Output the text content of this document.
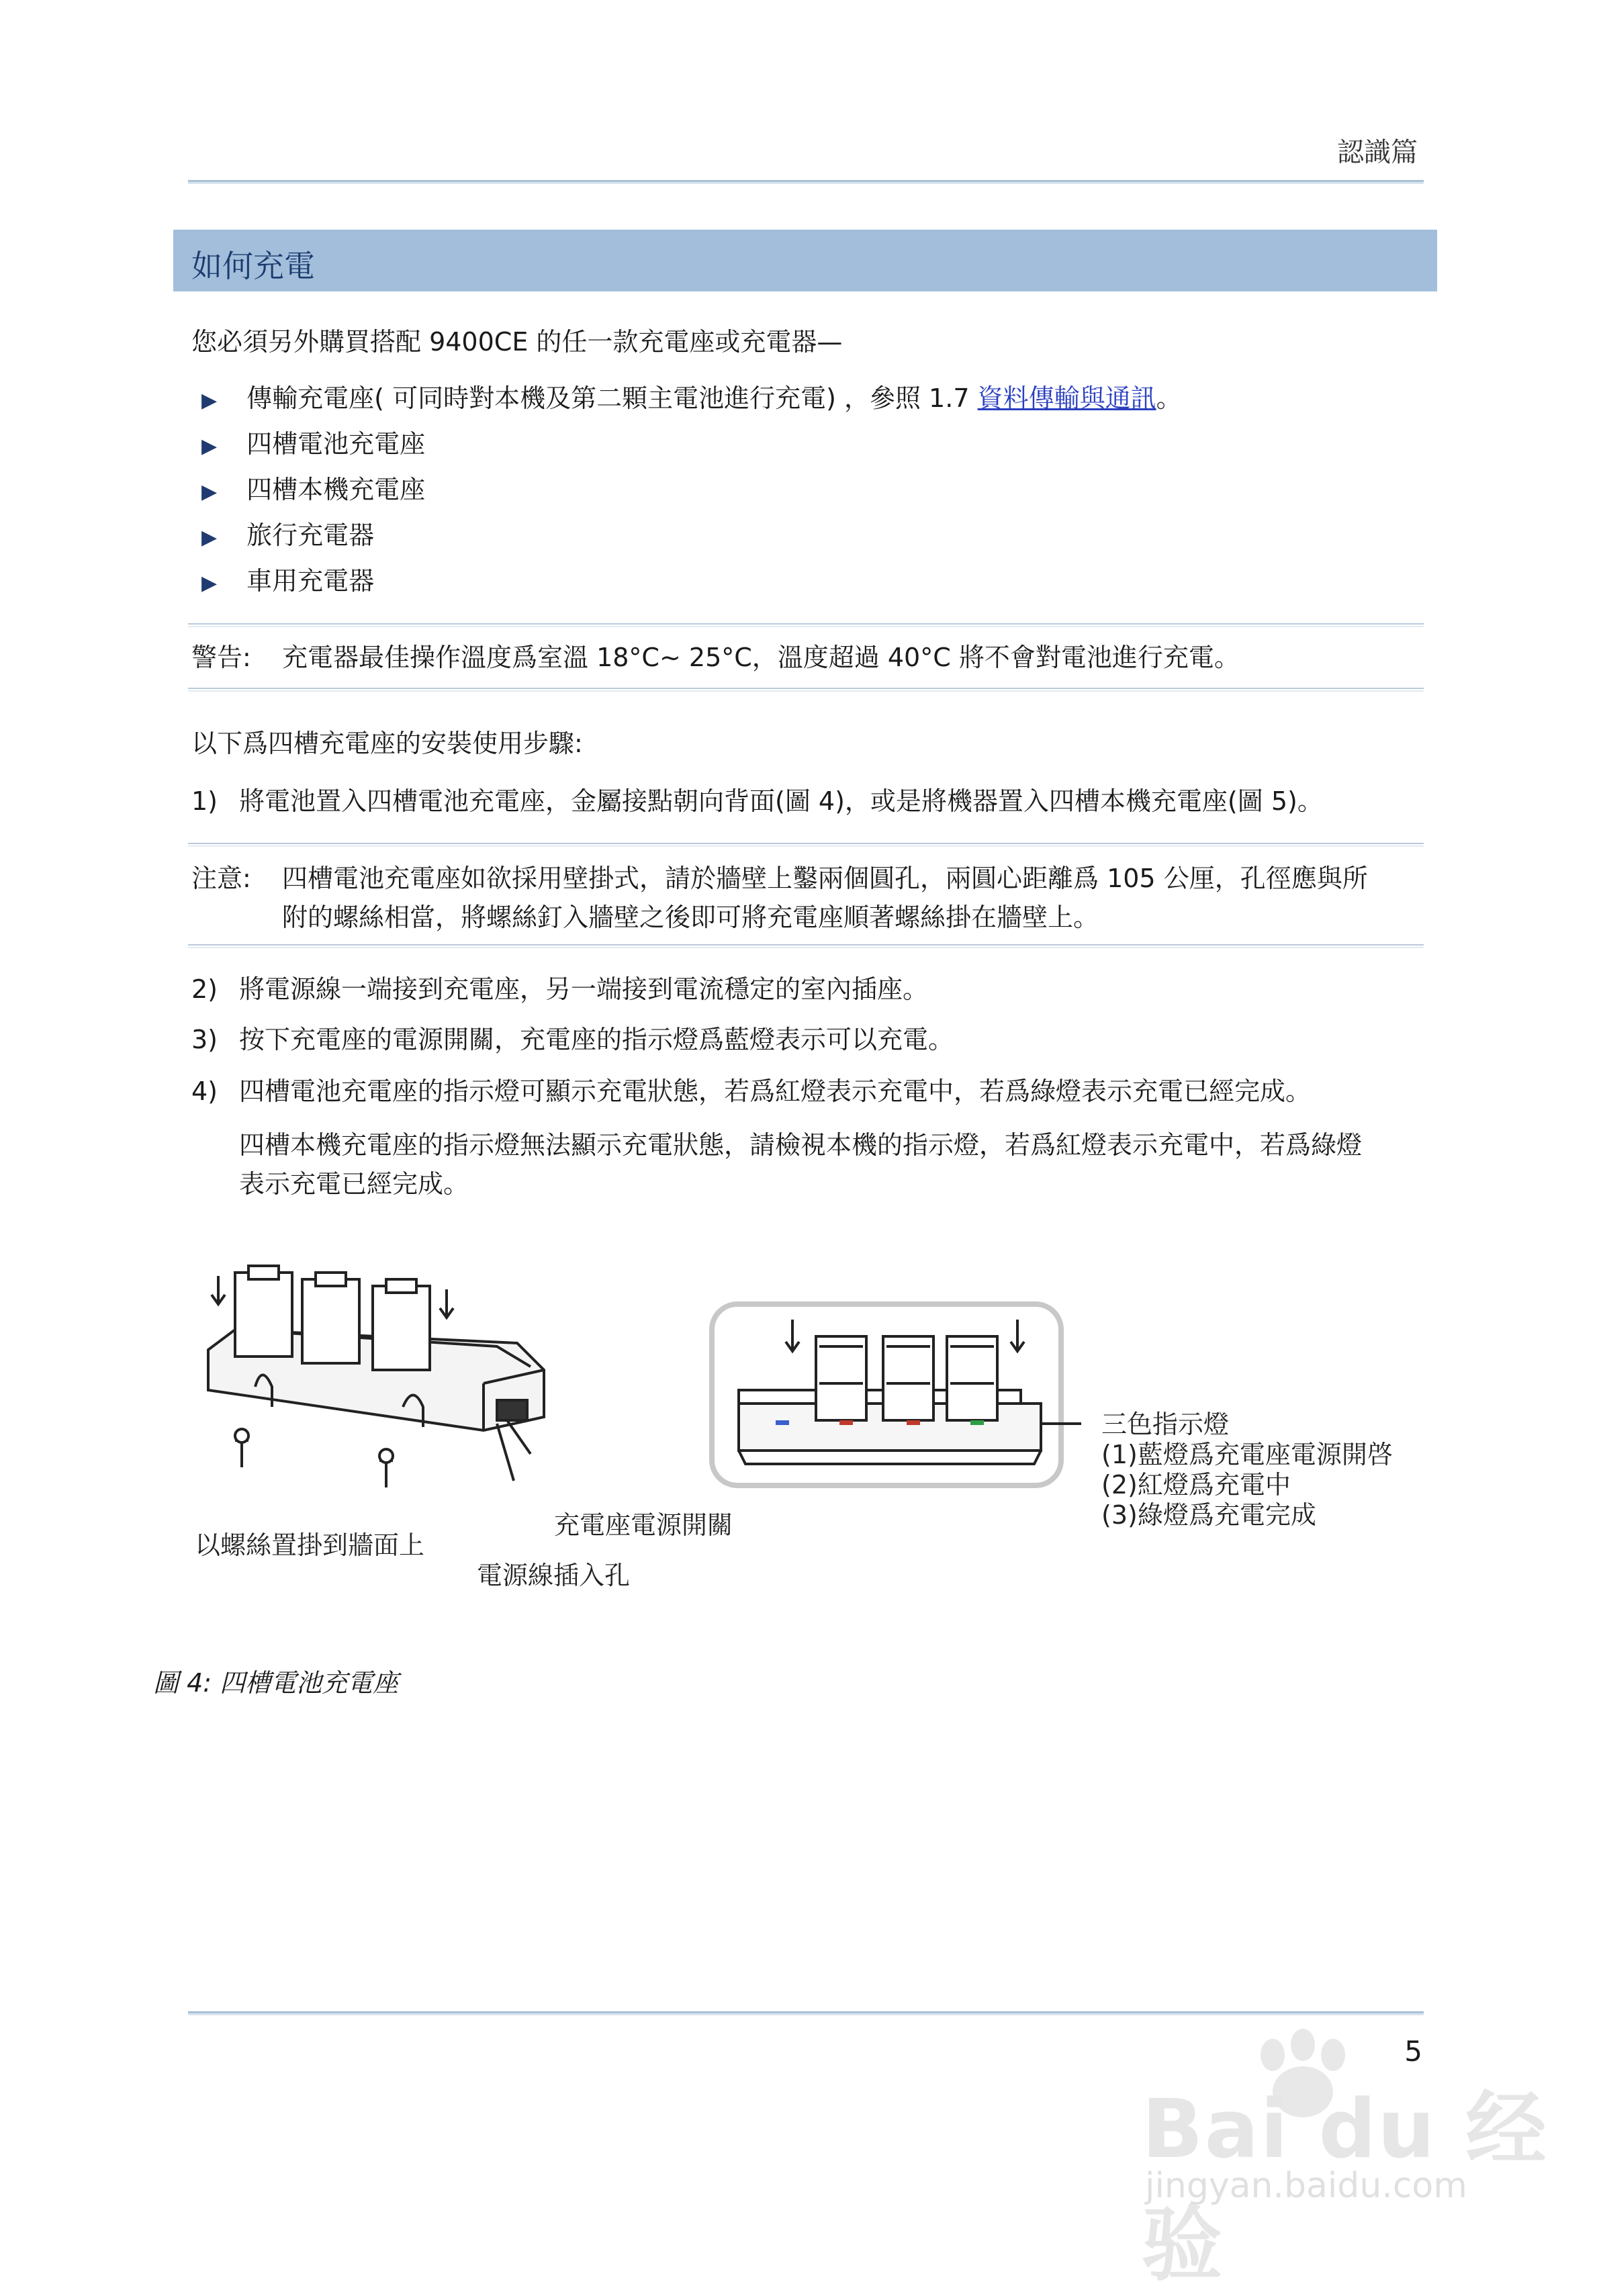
認識篇
如何充電
您必須另外購買搭配 9400CE 的任一款充電座或充電器—
▶ 傳輸充電座( 可同時對本機及第二顆主電池進行充電) ，參照 1.7 資料傳輸與通訊。
▶ 四槽電池充電座
▶ 四槽本機充電座
▶ 旅行充電器
▶ 車用充電器
警告: 充電器最佳操作溫度爲室溫 18°C~ 25°C，溫度超過 40°C 將不會對電池進行充電。
以下爲四槽充電座的安裝使用步驟:
1) 將電池置入四槽電池充電座，金屬接點朝向背面(圖 4)，或是將機器置入四槽本機充電座(圖 5)。
注意: 四槽電池充電座如欲採用壁掛式，請於牆壁上鑿兩個圓孔，兩圓心距離爲 105 公厘，孔徑應與所
附的螺絲相當，將螺絲釘入牆壁之後即可將充電座順著螺絲掛在牆壁上。
2) 將電源線一端接到充電座，另一端接到電流穩定的室內插座。
3) 按下充電座的電源開關，充電座的指示燈爲藍燈表示可以充電。
4) 四槽電池充電座的指示燈可顯示充電狀態，若爲紅燈表示充電中，若爲綠燈表示充電已經完成。
四槽本機充電座的指示燈無法顯示充電狀態，請檢視本機的指示燈，若爲紅燈表示充電中，若爲綠燈
表示充電已經完成。
以螺絲置掛到牆面上
充電座電源開關
電源線插入孔
三色指示燈
(1)藍燈爲充電座電源開啓
(2)紅燈爲充電中
(3)綠燈爲充電完成
圖 4: 四槽電池充電座
5
Bai du 经验
jingyan.baidu.com
